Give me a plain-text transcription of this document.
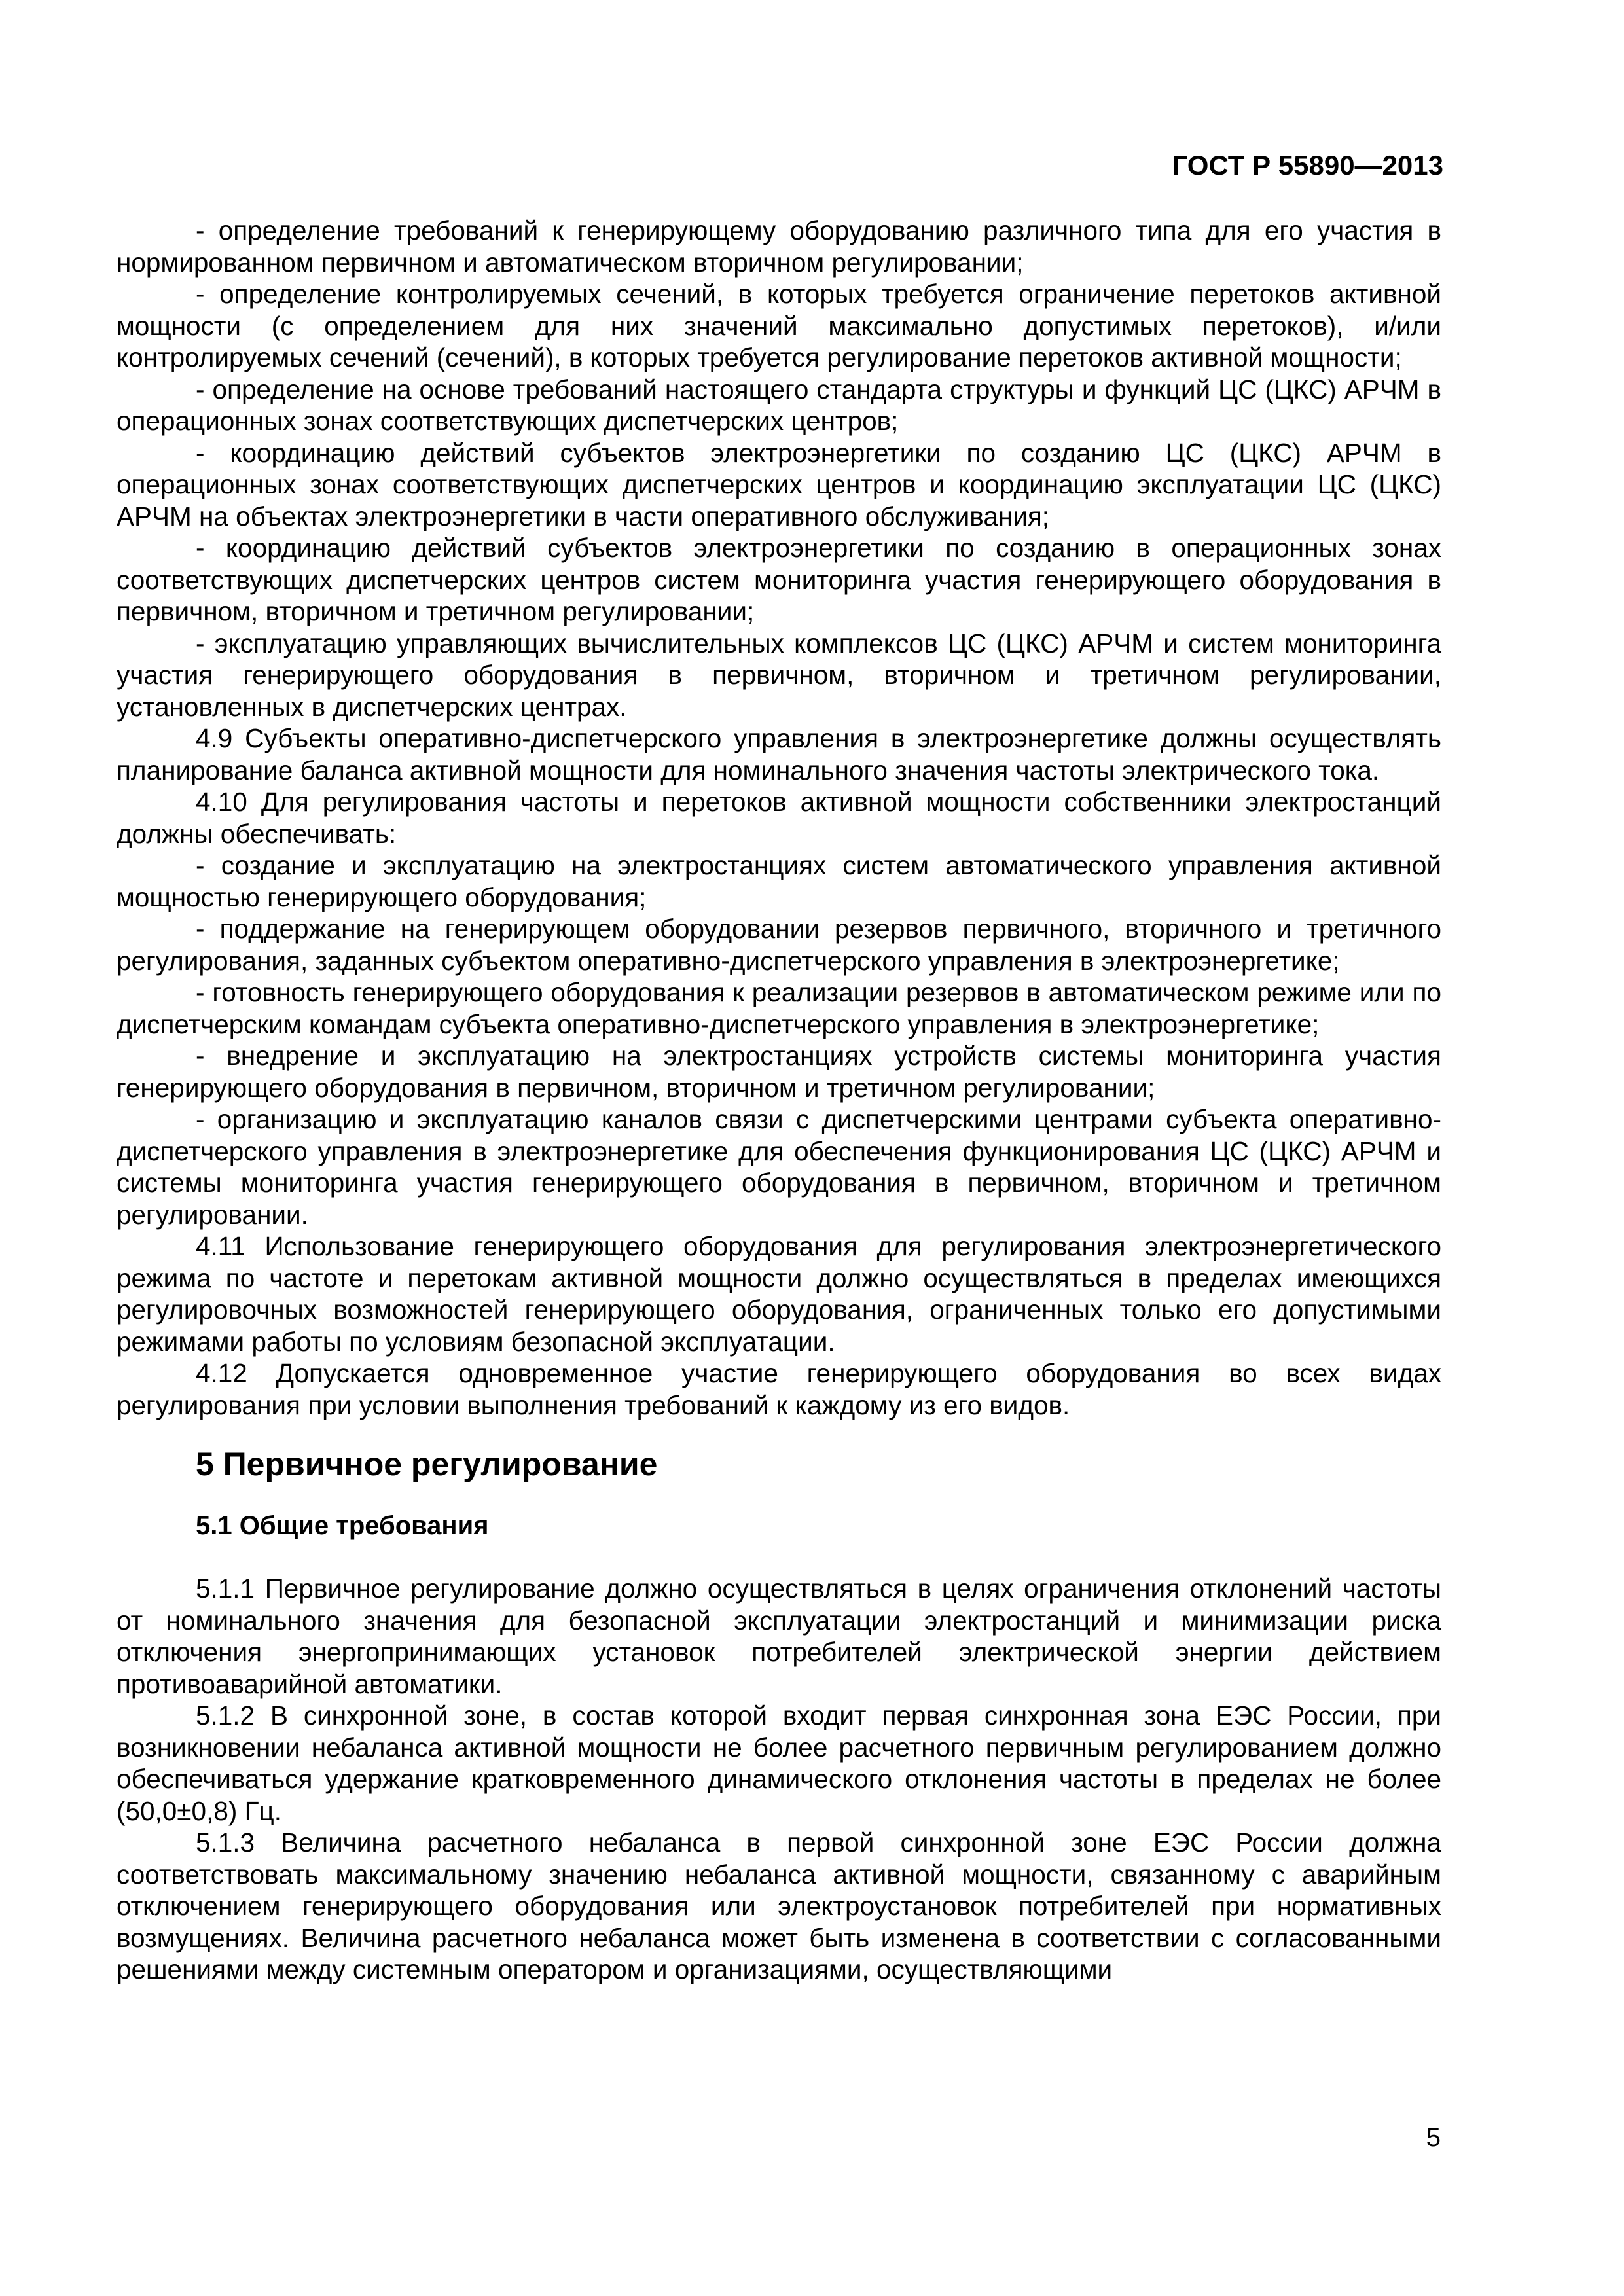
ГОСТ Р 55890—2013

- определение требований к генерирующему оборудованию различного типа для его участия в нормированном первичном и автоматическом вторичном регулировании;

- определение контролируемых сечений, в которых требуется ограничение перетоков активной мощности (с определением для них значений максимально допустимых перетоков), и/или контролируемых сечений (сечений), в которых требуется регулирование перетоков активной мощности;

- определение на основе требований настоящего стандарта структуры и функций ЦС (ЦКС) АРЧМ в операционных зонах соответствующих диспетчерских центров;

- координацию действий субъектов электроэнергетики по созданию ЦС (ЦКС) АРЧМ в операционных зонах соответствующих диспетчерских центров и координацию эксплуатации ЦС (ЦКС) АРЧМ на объектах электроэнергетики в части оперативного обслуживания;

- координацию действий субъектов электроэнергетики по созданию в операционных зонах соответствующих диспетчерских центров систем мониторинга участия генерирующего оборудования в первичном, вторичном и третичном регулировании;

- эксплуатацию управляющих вычислительных комплексов ЦС (ЦКС) АРЧМ и систем мониторинга участия генерирующего оборудования в первичном, вторичном и третичном регулировании, установленных в диспетчерских центрах.

4.9 Субъекты оперативно-диспетчерского управления в электроэнергетике должны осуществлять планирование баланса активной мощности для номинального значения частоты электрического тока.

4.10 Для регулирования частоты и перетоков активной мощности собственники электростанций должны обеспечивать:

- создание и эксплуатацию на электростанциях систем автоматического управления активной мощностью генерирующего оборудования;

- поддержание на генерирующем оборудовании резервов первичного, вторичного и третичного регулирования, заданных субъектом оперативно-диспетчерского управления в электроэнергетике;

- готовность генерирующего оборудования к реализации резервов в автоматическом режиме или по диспетчерским командам субъекта оперативно-диспетчерского управления в электроэнергетике;

- внедрение и эксплуатацию на электростанциях устройств системы мониторинга участия генерирующего оборудования в первичном, вторичном и третичном регулировании;

- организацию и эксплуатацию каналов связи с диспетчерскими центрами субъекта оперативно-диспетчерского управления в электроэнергетике для обеспечения функционирования ЦС (ЦКС) АРЧМ и системы мониторинга участия генерирующего оборудования в первичном, вторичном и третичном регулировании.

4.11 Использование генерирующего оборудования для регулирования электроэнергетического режима по частоте и перетокам активной мощности должно осуществляться в пределах имеющихся регулировочных возможностей генерирующего оборудования, ограниченных только его допустимыми режимами работы по условиям безопасной эксплуатации.

4.12 Допускается одновременное участие генерирующего оборудования во всех видах регулирования при условии выполнения требований к каждому из его видов.

5 Первичное регулирование
5.1 Общие требования

5.1.1 Первичное регулирование должно осуществляться в целях ограничения отклонений частоты от номинального значения для безопасной эксплуатации электростанций и минимизации риска отключения энергопринимающих установок потребителей электрической энергии действием противоаварийной автоматики.

5.1.2 В синхронной зоне, в состав которой входит первая синхронная зона ЕЭС России, при возникновении небаланса активной мощности не более расчетного первичным регулированием должно обеспечиваться удержание кратковременного динамического отклонения частоты в пределах не более (50,0±0,8) Гц.

5.1.3 Величина расчетного небаланса в первой синхронной зоне ЕЭС России должна соответствовать максимальному значению небаланса активной мощности, связанному с аварийным отключением генерирующего оборудования или электроустановок потребителей при нормативных возмущениях. Величина расчетного небаланса может быть изменена в соответствии с согласованными решениями между системным оператором и организациями, осуществляющими

5
